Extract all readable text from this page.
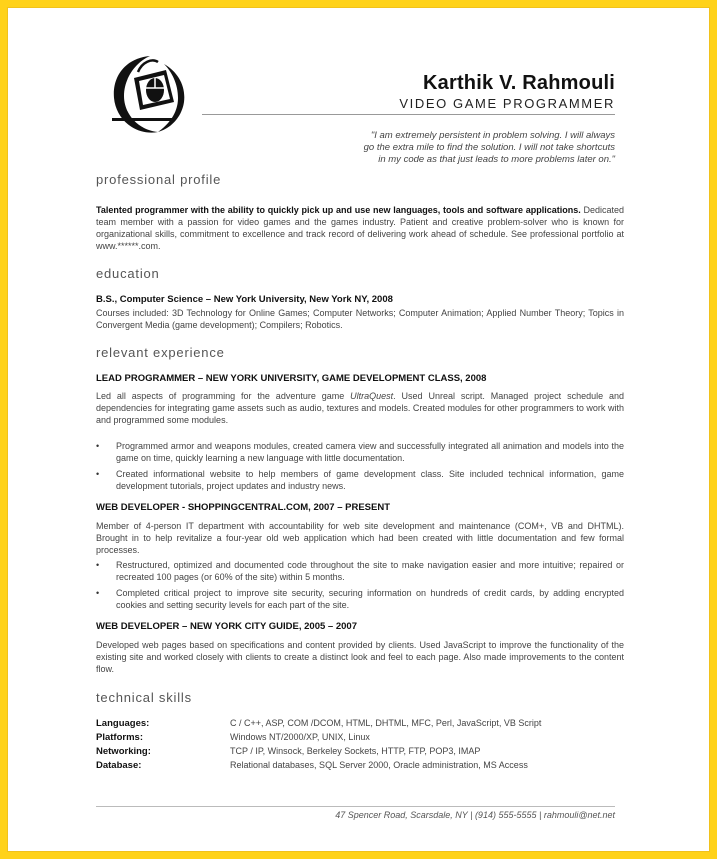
Karthik V. Rahmouli
VIDEO GAME PROGRAMMER
"I am extremely persistent in problem solving. I will always
go the extra mile to find the solution. I will not take shortcuts
in my code as that just leads to more problems later on."
professional profile
Talented programmer with the ability to quickly pick up and use new languages, tools and software applications. Dedicated team member with a passion for video games and the games industry. Patient and creative problem-solver who is known for organizational skills, commitment to excellence and track record of delivering work ahead of schedule. See professional portfolio at www.******.com.
education
B.S., Computer Science – New York University, New York NY, 2008
Courses included: 3D Technology for Online Games; Computer Networks; Computer Animation; Applied Number Theory; Topics in Convergent Media (game development); Compilers; Robotics.
relevant experience
LEAD PROGRAMMER – NEW YORK UNIVERSITY, GAME DEVELOPMENT CLASS, 2008
Led all aspects of programming for the adventure game UltraQuest. Used Unreal script. Managed project schedule and dependencies for integrating game assets such as audio, textures and models. Created modules for other programmers to work with and programmed some modules.
• Programmed armor and weapons modules, created camera view and successfully integrated all animation and models into the game on time, quickly learning a new language with little documentation.
• Created informational website to help members of game development class. Site included technical information, game development tutorials, project updates and industry news.
WEB DEVELOPER - SHOPPINGCENTRAL.COM, 2007 – PRESENT
Member of 4-person IT department with accountability for web site development and maintenance (COM+, VB and DHTML). Brought in to help revitalize a four-year old web application which had been created with little documentation and few formal processes.
• Restructured, optimized and documented code throughout the site to make navigation easier and more intuitive; repaired or recreated 100 pages (or 60% of the site) within 5 months.
• Completed critical project to improve site security, securing information on hundreds of credit cards, by adding encrypted cookies and setting security levels for each part of the site.
WEB DEVELOPER – NEW YORK CITY GUIDE, 2005 – 2007
Developed web pages based on specifications and content provided by clients. Used JavaScript to improve the functionality of the existing site and worked closely with clients to create a distinct look and feel to each page. Also made improvements to the content flow.
technical skills
Languages:	C / C++, ASP, COM /DCOM, HTML, DHTML, MFC, Perl, JavaScript, VB Script
Platforms:	Windows NT/2000/XP, UNIX, Linux
Networking:	TCP / IP, Winsock, Berkeley Sockets, HTTP, FTP, POP3, IMAP
Database:	Relational databases, SQL Server 2000, Oracle administration, MS Access
47 Spencer Road, Scarsdale, NY | (914) 555-5555 | rahmouli@net.net
